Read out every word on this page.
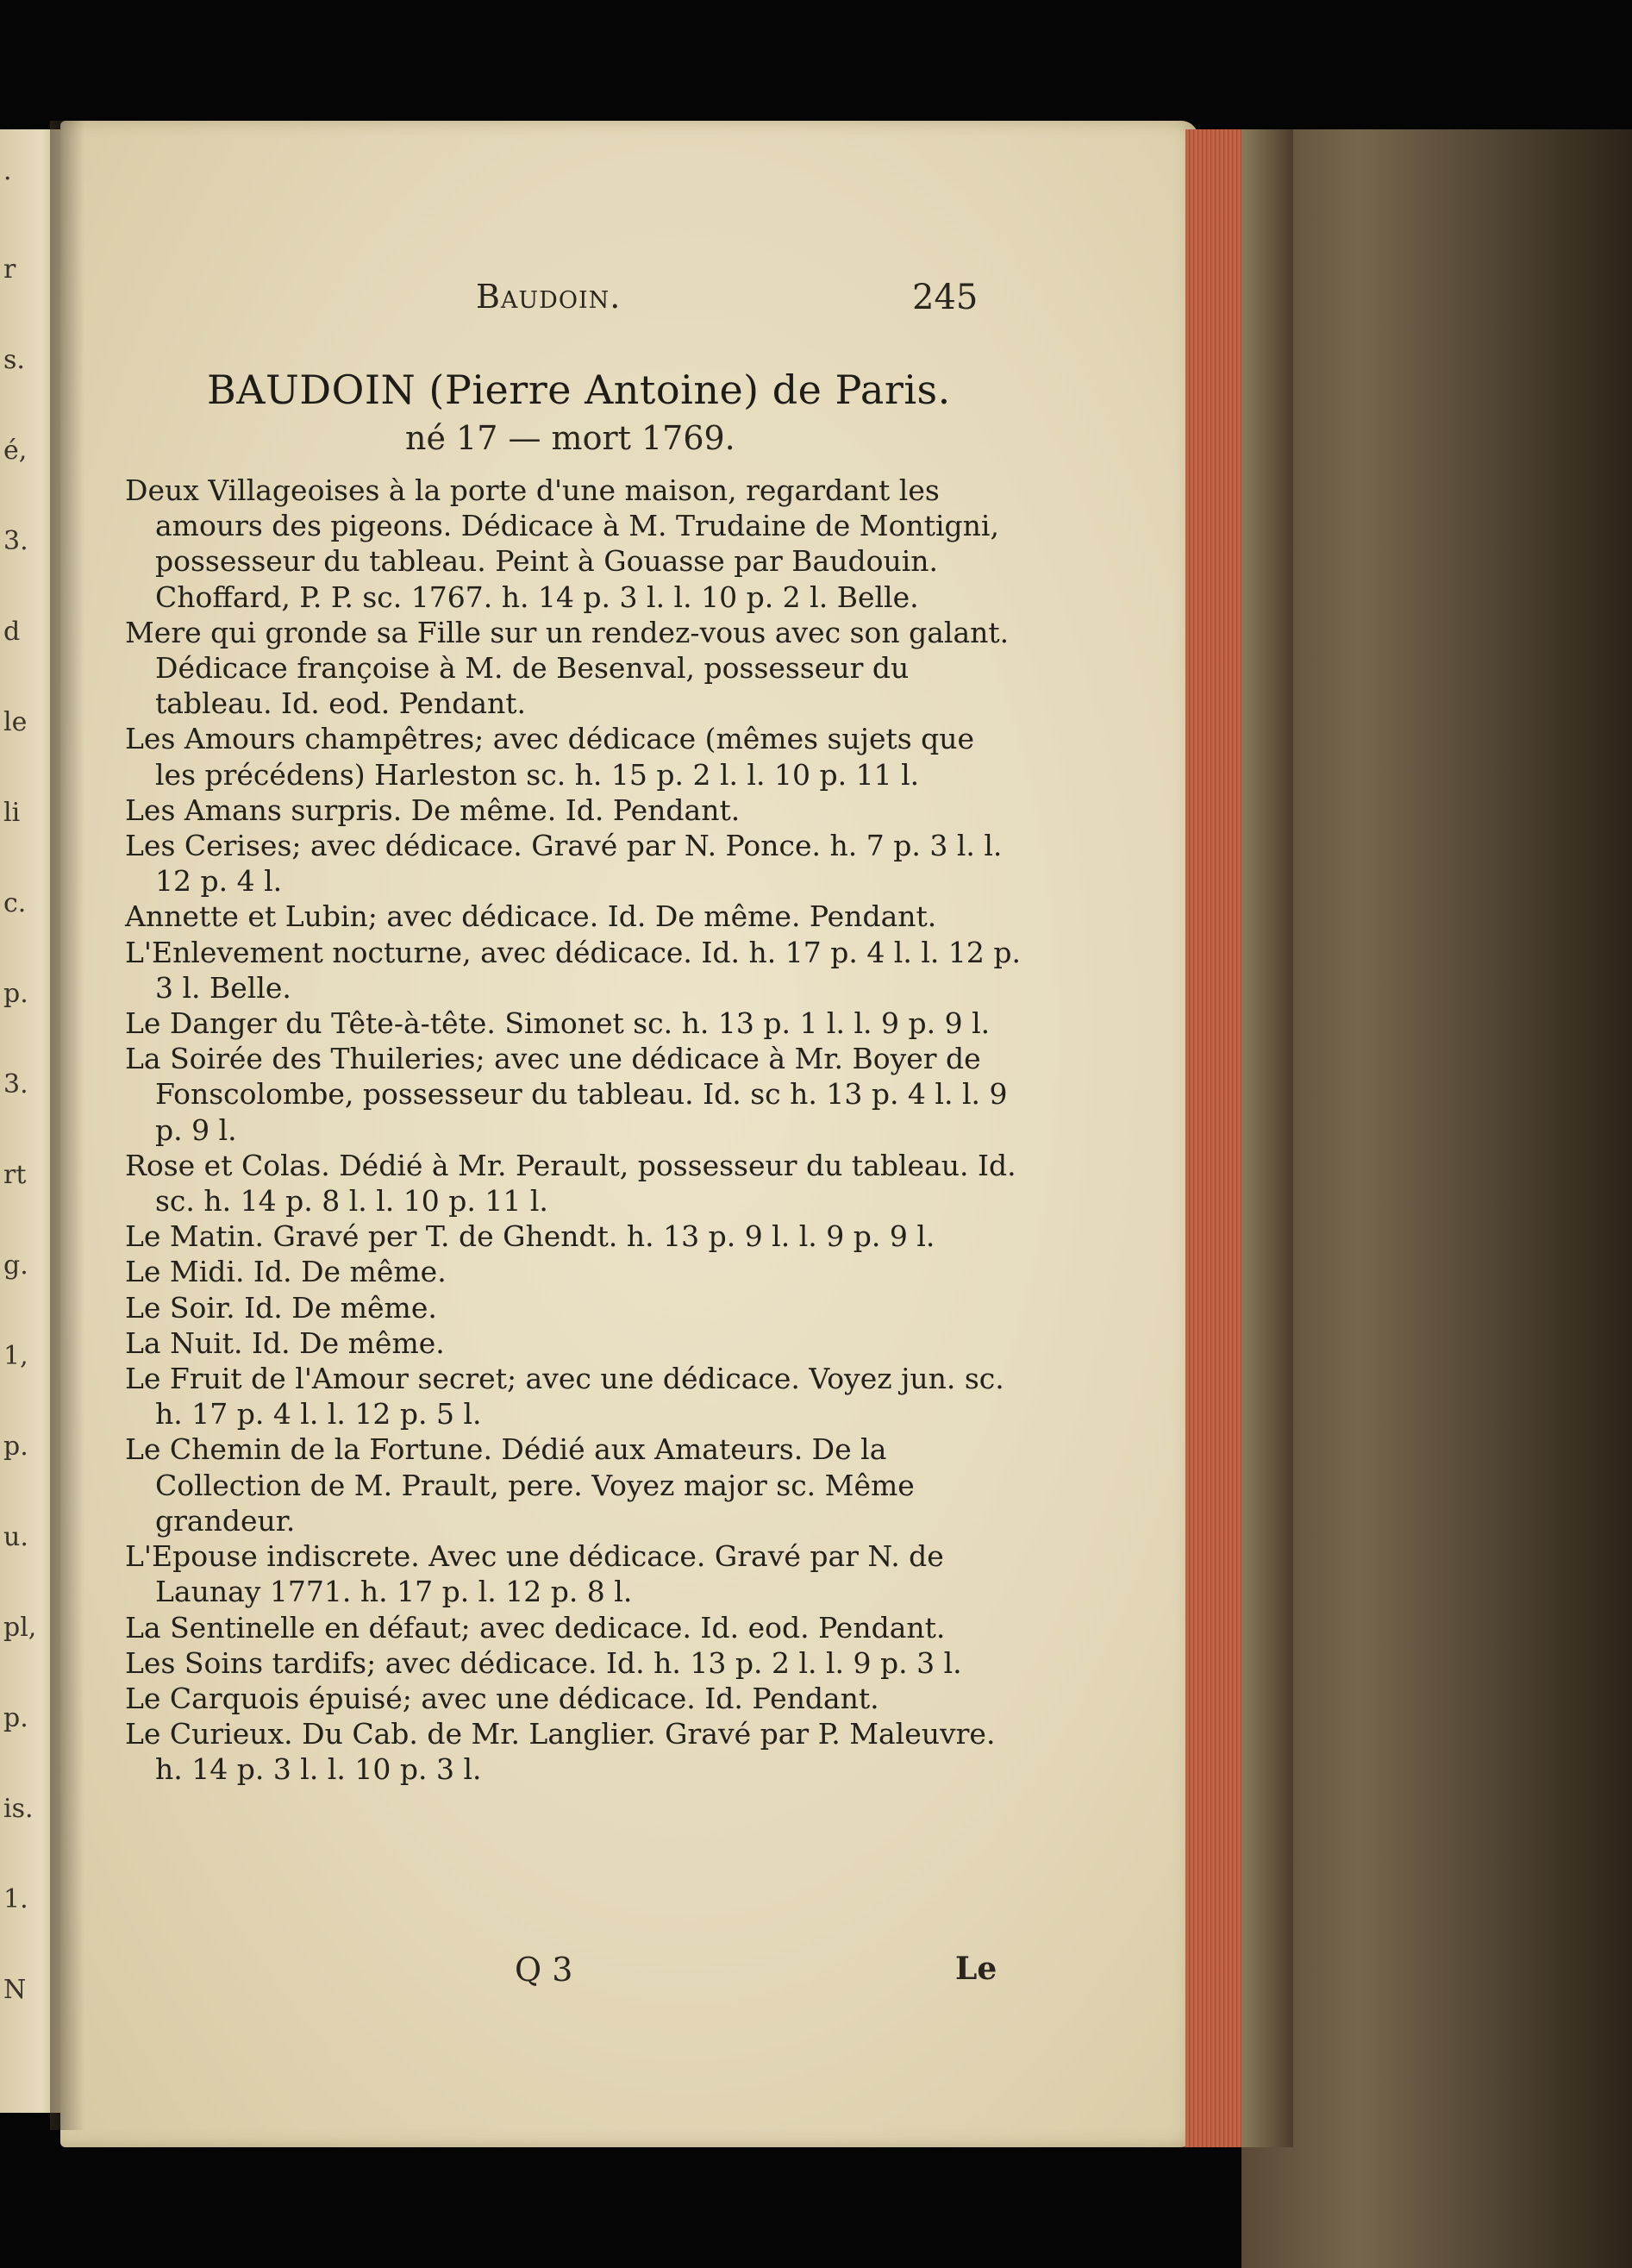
·
r
s.
é,
3.
d
le
li
c.
p.
3.
rt
g.
1,
p.
u.
pl,
p.
is.
1.
N
Baudoin.	245
BAUDOIN (Pierre Antoine) de Paris.
né 17 — mort 1769.

Deux Villageoises à la porte d'une maison, regardant les amours des pigeons. Dédicace à M. Trudaine de Montigni, possesseur du tableau. Peint à Gouasse par Baudouin. Choffard, P. P. sc. 1767. h. 14 p. 3 l. l. 10 p. 2 l. Belle.

Mere qui gronde sa Fille sur un rendez-vous avec son galant. Dédicace françoise à M. de Besenval, possesseur du tableau. Id. eod. Pendant.

Les Amours champêtres; avec dédicace (mêmes sujets que les précédens) Harleston sc. h. 15 p. 2 l. l. 10 p. 11 l.

Les Amans surpris. De même. Id. Pendant.

Les Cerises; avec dédicace. Gravé par N. Ponce. h. 7 p. 3 l. l. 12 p. 4 l.

Annette et Lubin; avec dédicace. Id. De même. Pendant.

L'Enlevement nocturne, avec dédicace. Id. h. 17 p. 4 l. l. 12 p. 3 l. Belle.

Le Danger du Tête-à-tête. Simonet sc. h. 13 p. 1 l. l. 9 p. 9 l.

La Soirée des Thuileries; avec une dédicace à Mr. Boyer de Fonscolombe, possesseur du tableau. Id. sc h. 13 p. 4 l. l. 9 p. 9 l.

Rose et Colas. Dédié à Mr. Perault, possesseur du tableau. Id. sc. h. 14 p. 8 l. l. 10 p. 11 l.

Le Matin. Gravé per T. de Ghendt. h. 13 p. 9 l. l. 9 p. 9 l.

Le Midi. Id. De même.

Le Soir. Id. De même.

La Nuit. Id. De même.

Le Fruit de l'Amour secret; avec une dédicace. Voyez jun. sc. h. 17 p. 4 l. l. 12 p. 5 l.

Le Chemin de la Fortune. Dédié aux Amateurs. De la Collection de M. Prault, pere. Voyez major sc. Même grandeur.

L'Epouse indiscrete. Avec une dédicace. Gravé par N. de Launay 1771. h. 17 p. l. 12 p. 8 l.

La Sentinelle en défaut; avec dedicace. Id. eod. Pendant.

Les Soins tardifs; avec dédicace. Id. h. 13 p. 2 l. l. 9 p. 3 l.

Le Carquois épuisé; avec une dédicace. Id. Pendant.

Le Curieux. Du Cab. de Mr. Langlier. Gravé par P. Maleuvre. h. 14 p. 3 l. l. 10 p. 3 l.

Q 3	Le
